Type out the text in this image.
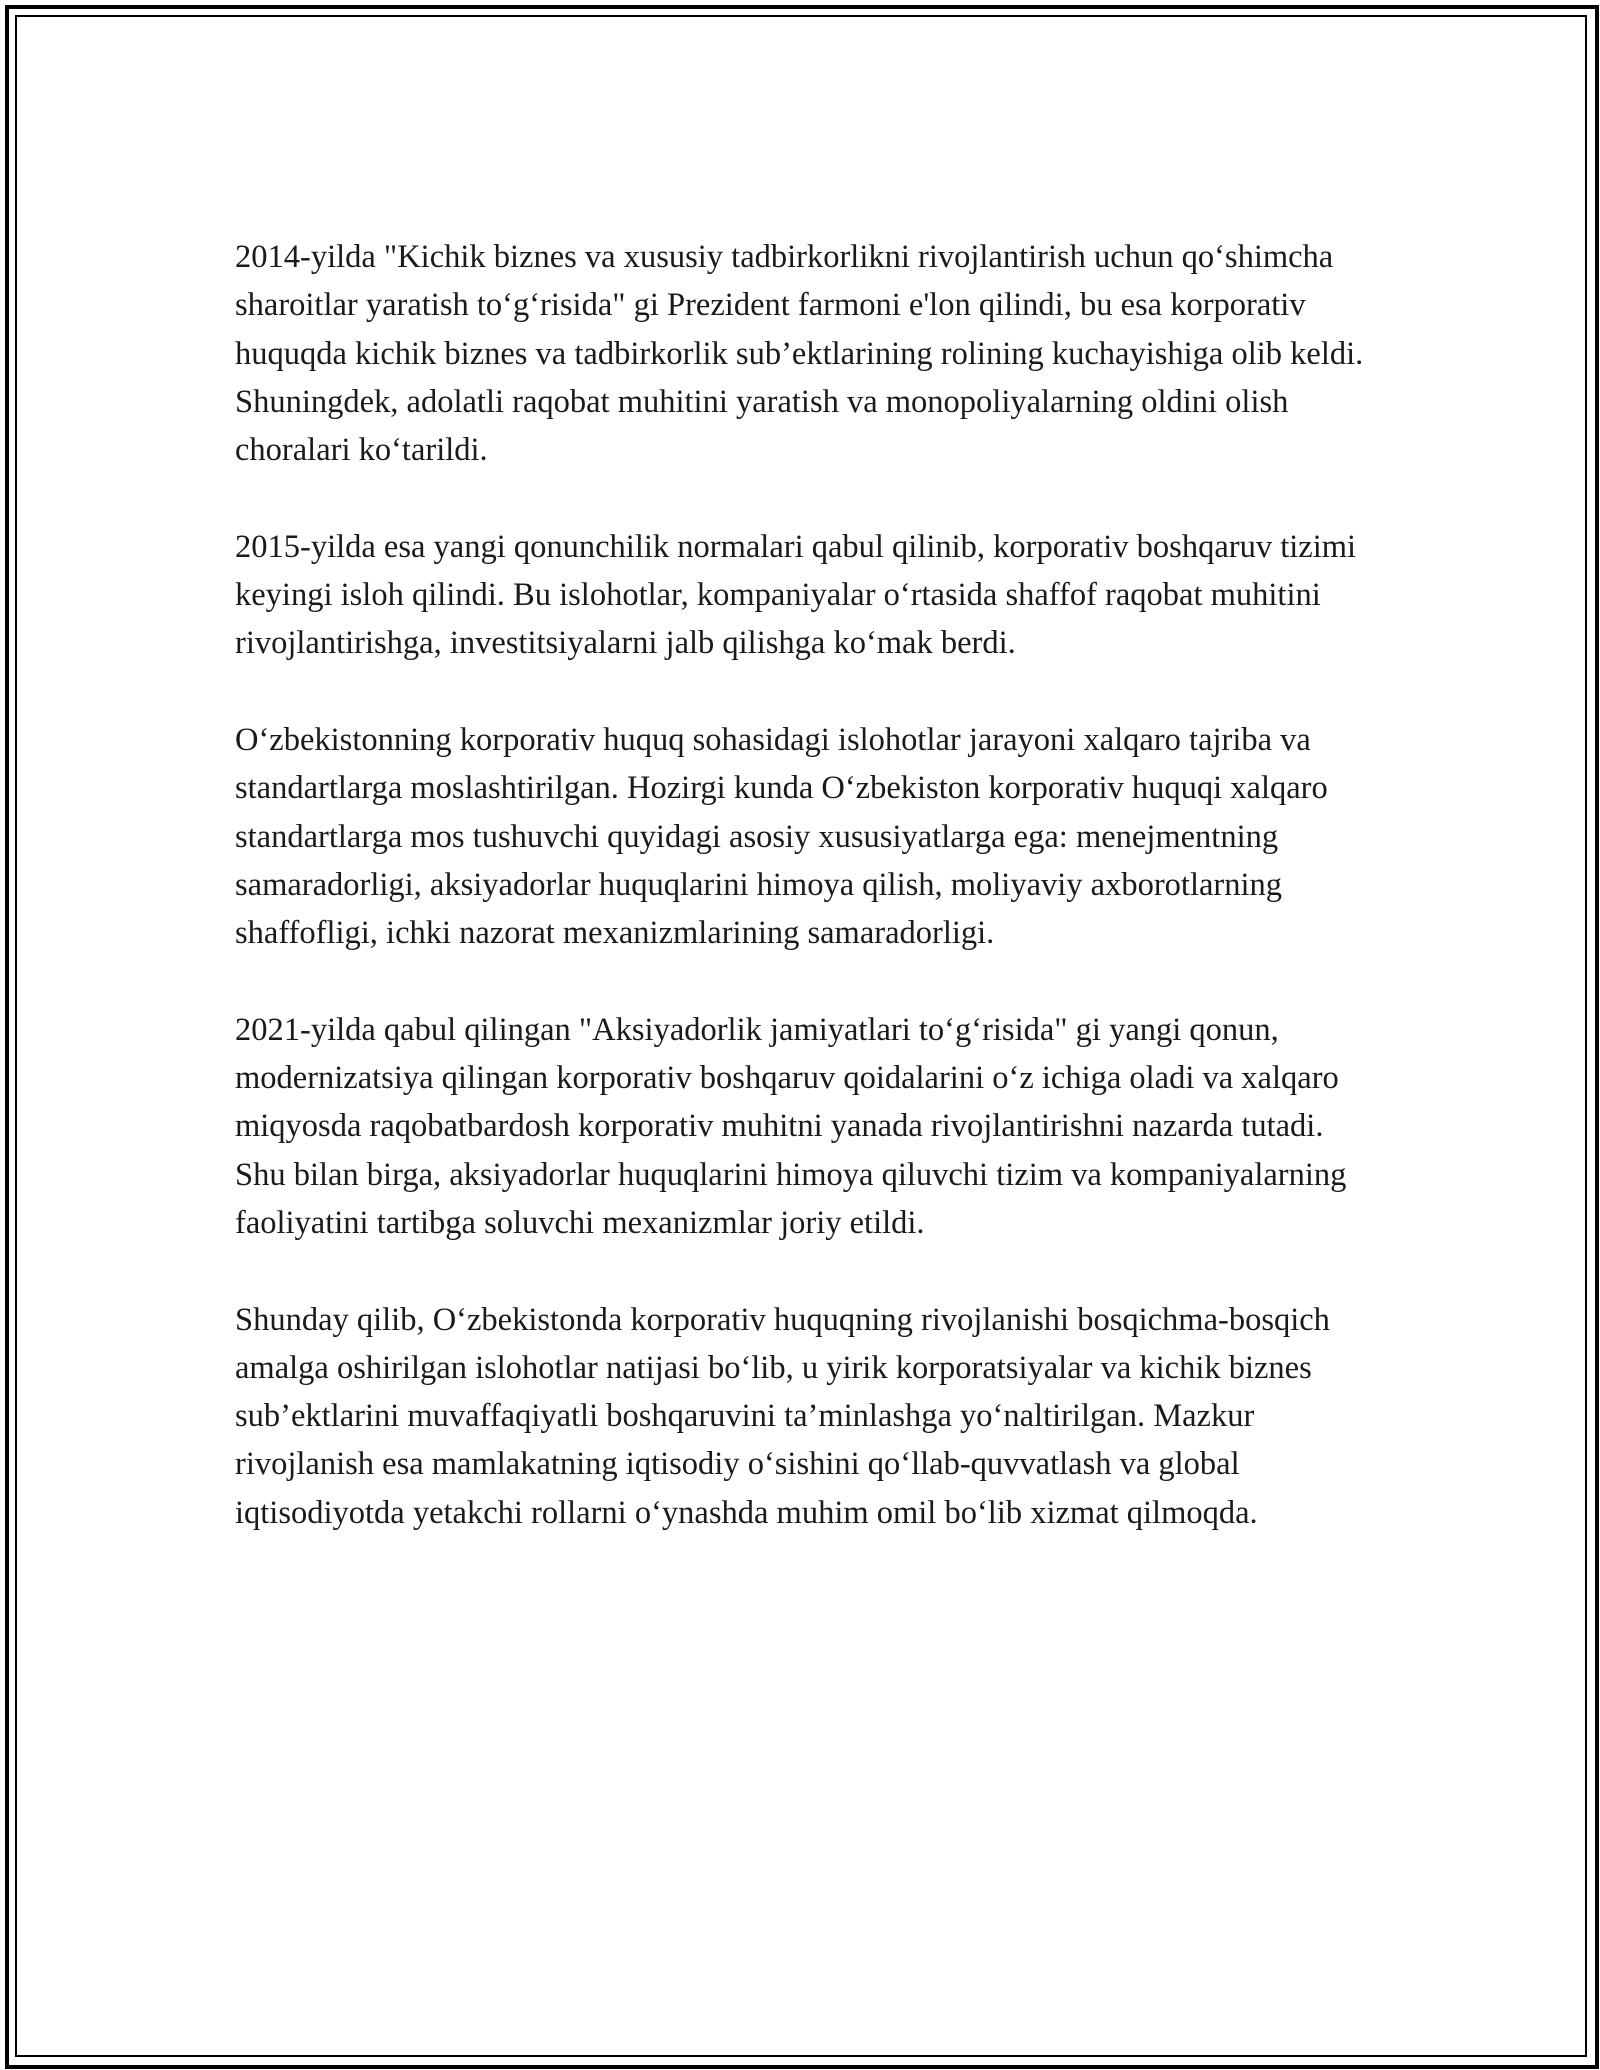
2014-yilda "Kichik biznes va xususiy tadbirkorlikni rivojlantirish uchun qo‘shimcha sharoitlar yaratish to‘g‘risida" gi Prezident farmoni e'lon qilindi, bu esa korporativ huquqda kichik biznes va tadbirkorlik sub’ektlarining rolining kuchayishiga olib keldi. Shuningdek, adolatli raqobat muhitini yaratish va monopoliyalarning oldini olish choralari ko‘tarildi.

2015-yilda esa yangi qonunchilik normalari qabul qilinib, korporativ boshqaruv tizimi keyingi isloh qilindi. Bu islohotlar, kompaniyalar o‘rtasida shaffof raqobat muhitini rivojlantirishga, investitsiyalarni jalb qilishga ko‘mak berdi.

O‘zbekistonning korporativ huquq sohasidagi islohotlar jarayoni xalqaro tajriba va standartlarga moslashtirilgan. Hozirgi kunda O‘zbekiston korporativ huquqi xalqaro standartlarga mos tushuvchi quyidagi asosiy xususiyatlarga ega: menejmentning samaradorligi, aksiyadorlar huquqlarini himoya qilish, moliyaviy axborotlarning shaffofligi, ichki nazorat mexanizmlarining samaradorligi.

2021-yilda qabul qilingan "Aksiyadorlik jamiyatlari to‘g‘risida" gi yangi qonun, modernizatsiya qilingan korporativ boshqaruv qoidalarini o‘z ichiga oladi va xalqaro miqyosda raqobatbardosh korporativ muhitni yanada rivojlantirishni nazarda tutadi. Shu bilan birga, aksiyadorlar huquqlarini himoya qiluvchi tizim va kompaniyalarning faoliyatini tartibga soluvchi mexanizmlar joriy etildi.

Shunday qilib, O‘zbekistonda korporativ huquqning rivojlanishi bosqichma-bosqich amalga oshirilgan islohotlar natijasi bo‘lib, u yirik korporatsiyalar va kichik biznes sub’ektlarini muvaffaqiyatli boshqaruvini ta’minlashga yo‘naltirilgan. Mazkur rivojlanish esa mamlakatning iqtisodiy o‘sishini qo‘llab-quvvatlash va global iqtisodiyotda yetakchi rollarni o‘ynashda muhim omil bo‘lib xizmat qilmoqda.
